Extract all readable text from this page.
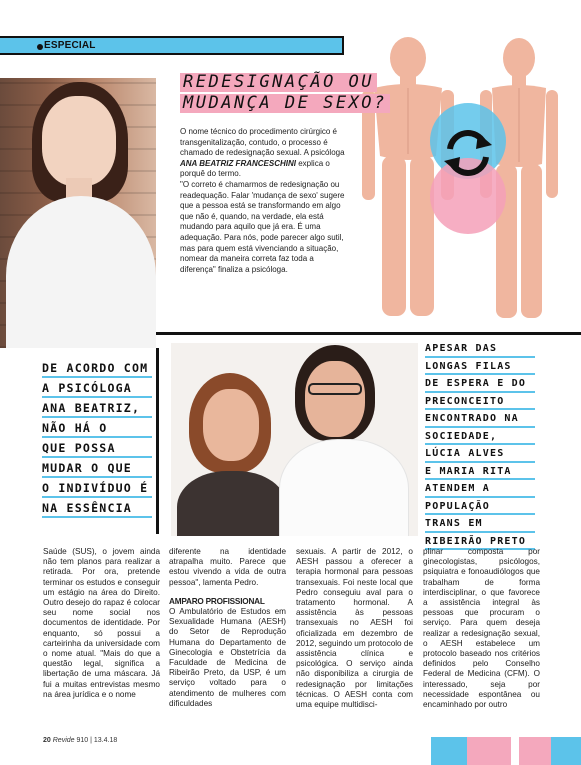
ESPECIAL
REDESIGNAÇÃO OU
MUDANÇA DE SEXO?
O nome técnico do procedimento cirúrgico é transgenitalização, contudo, o processo é chamado de redesignação sexual. A psicóloga ANA BEATRIZ FRANCESCHINI explica o porquê do termo.
"O correto é chamarmos de redesignação ou readequação. Falar 'mudança de sexo' sugere que a pessoa está se transformando em algo que não é, quando, na verdade, ela está mudando para aquilo que já era. É uma adequação. Para nós, pode parecer algo sutil, mas para quem está vivenciando a situação, nomear da maneira correta faz toda a diferença" finaliza a psicóloga.
DE ACORDO COM
A PSICÓLOGA
ANA BEATRIZ,
NÃO HÁ O
QUE POSSA
MUDAR O QUE
O INDIVÍDUO É
NA ESSÊNCIA
APESAR DAS
LONGAS FILAS
DE ESPERA E DO
PRECONCEITO
ENCONTRADO NA
SOCIEDADE,
LÚCIA ALVES
E MARIA RITA
ATENDEM A
POPULAÇÃO
TRANS EM
RIBEIRÃO PRETO

Saúde (SUS), o jovem ainda não tem planos para realizar a retirada. Por ora, pretende terminar os estudos e conseguir um estágio na área do Direito. Outro desejo do rapaz é colocar seu nome social nos documentos de identidade. Por enquanto, só possui a carteirinha da universidade com o nome atual. "Mais do que a questão legal, significa a libertação de uma máscara. Já fui a muitas entrevistas mesmo na área jurídica e o nome

diferente na identidade atrapalha muito. Parece que estou vivendo a vida de outra pessoa", lamenta Pedro.

AMPARO PROFISSIONAL

O Ambulatório de Estudos em Sexualidade Humana (AESH) do Setor de Reprodução Humana do Departamento de Ginecologia e Obstetrícia da Faculdade de Medicina de Ribeirão Preto, da USP, é um serviço voltado para o atendimento de mulheres com dificuldades

sexuais. A partir de 2012, o AESH passou a oferecer a terapia hormonal para pessoas transexuais. Foi neste local que Pedro conseguiu aval para o tratamento hormonal. A assistência às pessoas transexuais no AESH foi oficializada em dezembro de 2012, seguindo um protocolo de assistência clínica e psicológica. O serviço ainda não disponibiliza a cirurgia de redesignação por limitações técnicas. O AESH conta com uma equipe multidisci-

plinar composta por ginecologistas, psicólogos, psiquiatra e fonoaudiólogos que trabalham de forma interdisciplinar, o que favorece a assistência integral às pessoas que procuram o serviço. Para quem deseja realizar a redesignação sexual, o AESH estabelece um protocolo baseado nos critérios definidos pelo Conselho Federal de Medicina (CFM). O interessado, seja por necessidade espontânea ou encaminhado por outro

20 Revide 910 | 13.4.18
